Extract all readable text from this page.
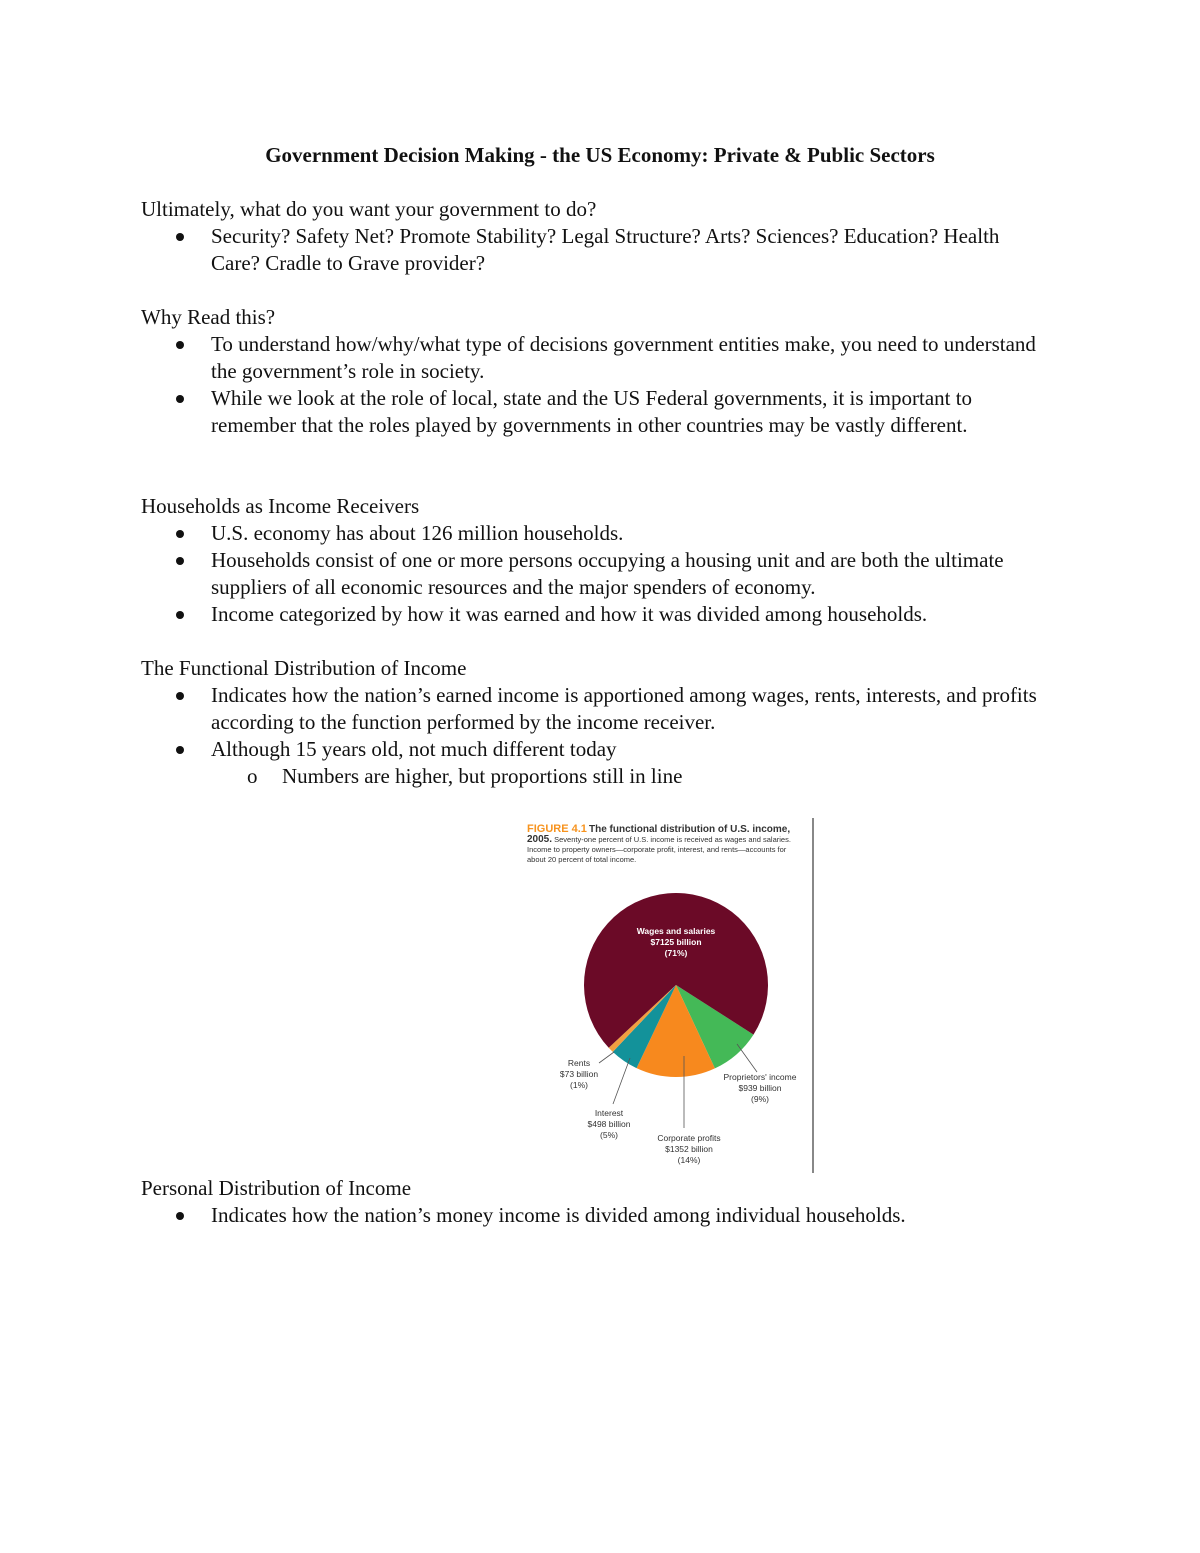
Government Decision Making - the US Economy: Private & Public Sectors
Ultimately, what do you want your government to do?
Security? Safety Net? Promote Stability? Legal Structure? Arts? Sciences? Education? Health Care? Cradle to Grave provider?
Why Read this?
To understand how/why/what type of decisions government entities make, you need to understand the government’s role in society.
While we look at the role of local, state and the US Federal governments, it is important to remember that the roles played by governments in other countries may be vastly different.
Households as Income Receivers
U.S. economy has about 126 million households.
Households consist of one or more persons occupying a housing unit and are both the ultimate suppliers of all economic resources and the major spenders of economy.
Income categorized by how it was earned and how it was divided among households.
The Functional Distribution of Income
Indicates how the nation’s earned income is apportioned among wages, rents, interests, and profits according to the function performed by the income receiver.
Although 15 years old, not much different today
o Numbers are higher, but proportions still in line
FIGURE 4.1 The functional distribution of U.S. income, 2005. Seventy-one percent of U.S. income is received as wages and salaries. Income to property owners—corporate profit, interest, and rents—accounts for about 20 percent of total income.
Wages and salaries
$7125 billion
(71%)
Proprietors' income
$939 billion
(9%)
Corporate profits
$1352 billion
(14%)
Interest
$498 billion
(5%)
Rents
$73 billion
(1%)
Personal Distribution of Income
Indicates how the nation’s money income is divided among individual households.
